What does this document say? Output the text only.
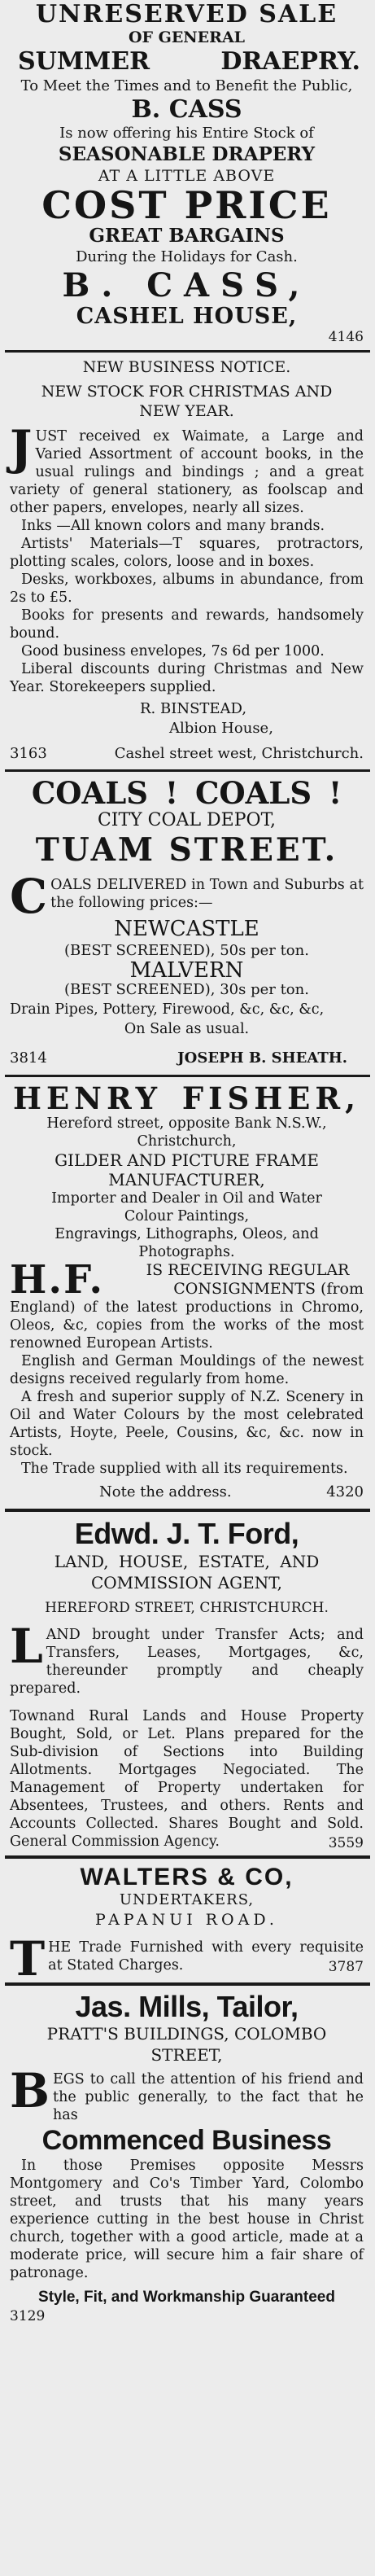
UNRESERVED SALE
OF GENERAL
SUMMER	DRAEPRY.
To Meet the Times and to Benefit the Public,
B. CASS
Is now offering his Entire Stock of
SEASONABLE DRAPERY
AT A LITTLE ABOVE
COST PRICE
GREAT BARGAINS
During the Holidays for Cash.
B. CASS,
CASHEL HOUSE,
4146
NEW BUSINESS NOTICE.
NEW STOCK FOR CHRISTMAS AND
NEW YEAR.

JUST received ex Waimate, a Large and Varied Assortment of account books, in the usual rulings and bindings ; and a great variety of general stationery, as foolscap and other papers, envelopes, nearly all sizes.

Inks —All known colors and many brands.

Artists' Materials—T squares, protractors, plotting scales, colors, loose and in boxes.

Desks, workboxes, albums in abundance, from 2s to £5.

Books for presents and rewards, handsomely bound.

Good business envelopes, 7s 6d per 1000.

Liberal discounts during Christmas and New Year. Storekeepers supplied.

R. BINSTEAD,
Albion House,
3163	Cashel street west, Christchurch.
COALS ! COALS !
CITY COAL DEPOT,
TUAM STREET.

COALS DELIVERED in Town and Suburbs at the following prices:—

NEWCASTLE
(BEST SCREENED), 50s per ton.
MALVERN
(BEST SCREENED), 30s per ton.
Drain Pipes, Pottery, Firewood, &c, &c, &c,
On Sale as usual.
3814	JOSEPH B. SHEATH.
HENRY FISHER,
Hereford street, opposite Bank N.S.W.,
Christchurch,
GILDER AND PICTURE FRAME
MANUFACTURER,
Importer and Dealer in Oil and Water
Colour Paintings,
Engravings, Lithographs, Oleos, and
Photographs.
H.F.	IS RECEIVING REGULAR
CONSIGNMENTS (from

England) of the latest productions in Chromo, Oleos, &c, copies from the works of the most renowned European Artists.

English and German Mouldings of the newest designs received regularly from home.

A fresh and superior supply of N.Z. Scenery in Oil and Water Colours by the most celebrated Artists, Hoyte, Peele, Cousins, &c, &c. now in stock.

The Trade supplied with all its requirements.

Note the address.	4320
Edwd. J. T. Ford,
LAND, HOUSE, ESTATE, AND
COMMISSION AGENT,
HEREFORD STREET, CHRISTCHURCH.

LAND brought under Transfer Acts; and Transfers, Leases, Mortgages, &c, thereunder promptly and cheaply prepared.

Townand Rural Lands and House Property Bought, Sold, or Let. Plans prepared for the Sub-division of Sections into Building Allotments. Mortgages Negociated. The Management of Property undertaken for Absentees, Trustees, and others. Rents and Accounts Collected. Shares Bought and Sold. General Commission Agency.	3559
WALTERS & CO,
UNDERTAKERS,
PAPANUI ROAD.

THE Trade Furnished with every requisite at Stated Charges.	3787
Jas. Mills, Tailor,
PRATT'S BUILDINGS, COLOMBO
STREET,

BEGS to call the attention of his friend and the public generally, to the fact that he has

Commenced Business

In those Premises opposite Messrs Montgomery and Co's Timber Yard, Colombo street, and trusts that his many years experience cutting in the best house in Christ church, together with a good article, made at a moderate price, will secure him a fair share of patronage.

Style, Fit, and Workmanship Guaranteed
3129
